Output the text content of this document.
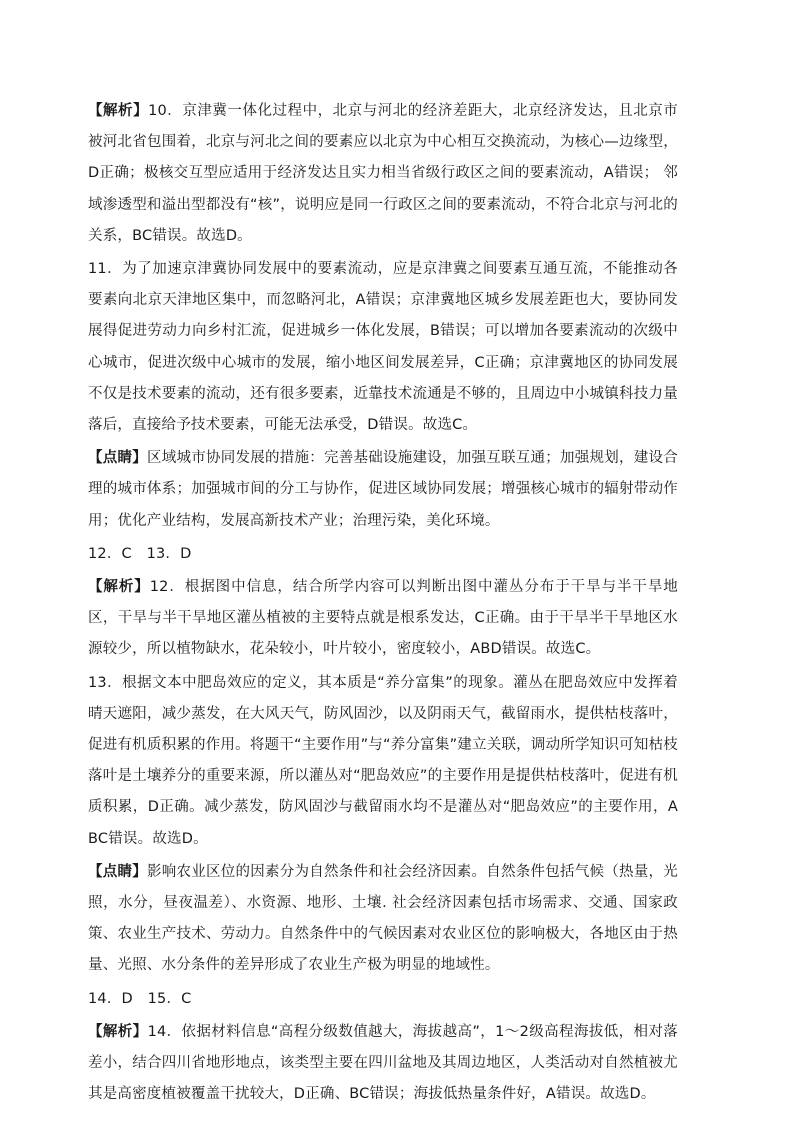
【解析】10．京津冀一体化过程中，北京与河北的经济差距大，北京经济发达，且北京市被河北省包围着，北京与河北之间的要素应以北京为中心相互交换流动，为核心—边缘型，D正确；极核交互型应适用于经济发达且实力相当省级行政区之间的要素流动，A错误； 邻域渗透型和溢出型都没有“核”，说明应是同一行政区之间的要素流动，不符合北京与河北的关系，BC错误。故选D。

11．为了加速京津冀协同发展中的要素流动，应是京津冀之间要素互通互流，不能推动各要素向北京天津地区集中，而忽略河北，A错误；京津冀地区城乡发展差距也大，要协同发展得促进劳动力向乡村汇流，促进城乡一体化发展，B错误；可以增加各要素流动的次级中心城市，促进次级中心城市的发展，缩小地区间发展差异，C正确；京津冀地区的协同发展不仅是技术要素的流动，还有很多要素，近靠技术流通是不够的，且周边中小城镇科技力量落后，直接给予技术要素，可能无法承受，D错误。故选C。

【点睛】区域城市协同发展的措施：完善基础设施建设，加强互联互通；加强规划，建设合理的城市体系；加强城市间的分工与协作，促进区域协同发展；增强核心城市的辐射带动作用；优化产业结构，发展高新技术产业；治理污染，美化环境。

12．C　13．D

【解析】12．根据图中信息，结合所学内容可以判断出图中灌丛分布于干旱与半干旱地区，干旱与半干旱地区灌丛植被的主要特点就是根系发达，C正确。由于干旱半干旱地区水源较少，所以植物缺水，花朵较小，叶片较小，密度较小，ABD错误。故选C。

13．根据文本中肥岛效应的定义，其本质是“养分富集”的现象。灌丛在肥岛效应中发挥着晴天遮阳，减少蒸发，在大风天气，防风固沙，以及阴雨天气，截留雨水，提供枯枝落叶，促进有机质积累的作用。将题干“主要作用”与“养分富集”建立关联，调动所学知识可知枯枝落叶是土壤养分的重要来源，所以灌丛对“肥岛效应”的主要作用是提供枯枝落叶，促进有机质积累，D正确。减少蒸发，防风固沙与截留雨水均不是灌丛对“肥岛效应”的主要作用，ABC错误。故选D。

【点睛】影响农业区位的因素分为自然条件和社会经济因素。自然条件包括气候（热量，光照，水分，昼夜温差）、水资源、地形、土壤. 社会经济因素包括市场需求、交通、国家政策、农业生产技术、劳动力。自然条件中的气候因素对农业区位的影响极大，各地区由于热量、光照、水分条件的差异形成了农业生产极为明显的地域性。

14．D　15．C

【解析】14．依据材料信息“高程分级数值越大，海拔越高”，1～2级高程海拔低，相对落差小，结合四川省地形地点，该类型主要在四川盆地及其周边地区，人类活动对自然植被尤其是高密度植被覆盖干扰较大，D正确、BC错误；海拔低热量条件好，A错误。故选D。
